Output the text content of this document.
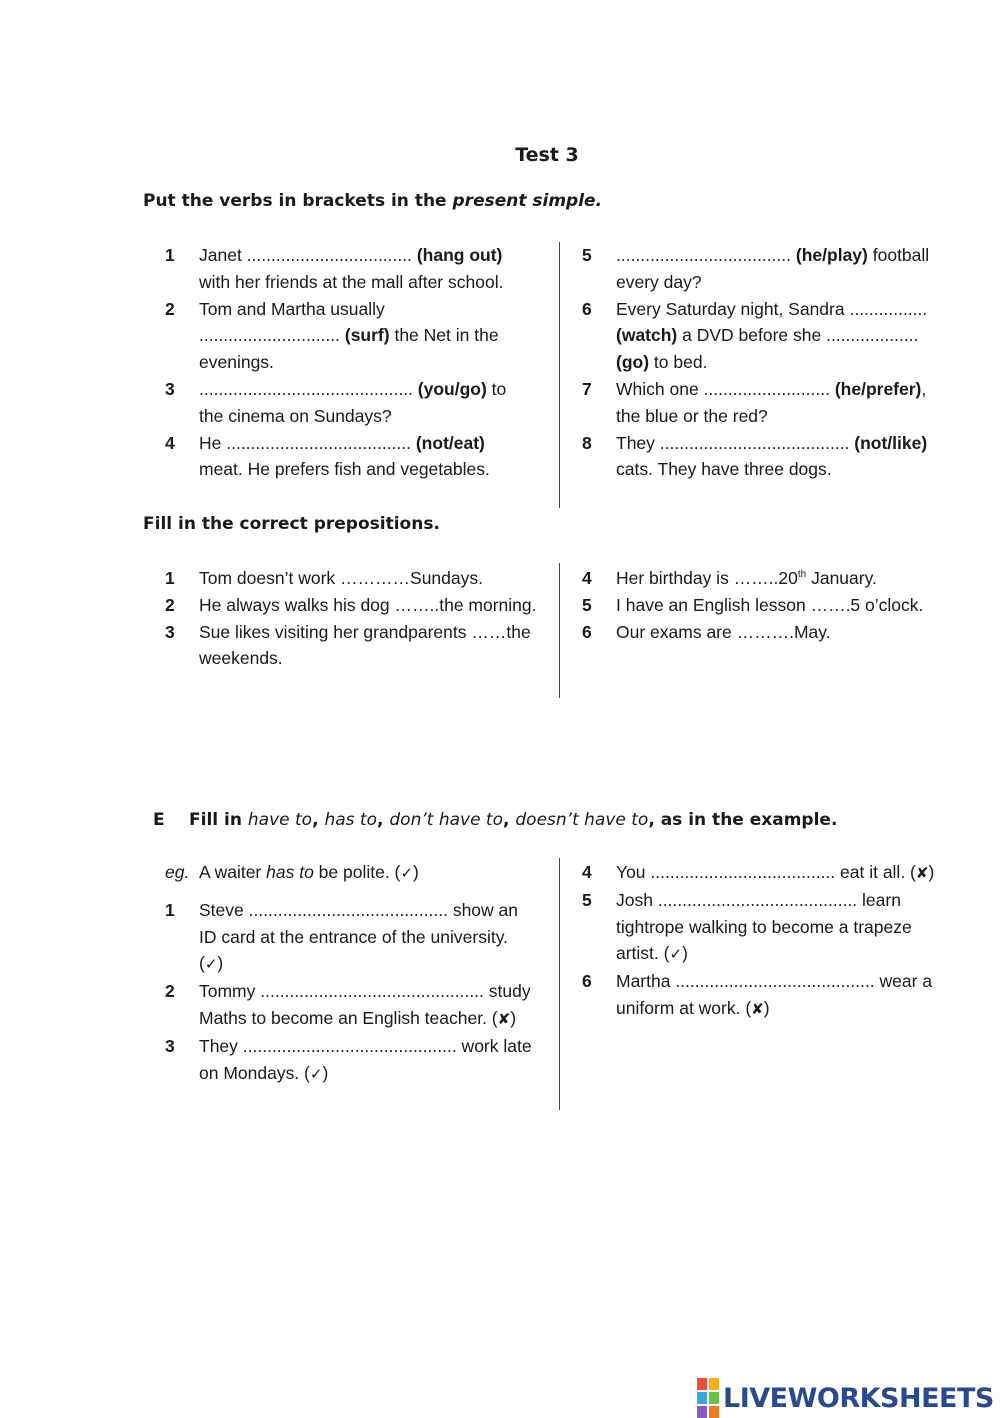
Test 3
Put the verbs in brackets in the present simple.
1	Janet .................................. (hang out) with her friends at the mall after school.
2	Tom and Martha usually ............................. (surf) the Net in the evenings.
3	............................................ (you/go) to the cinema on Sundays?
4	He ...................................... (not/eat) meat. He prefers fish and vegetables.
5	.................................... (he/play) football every day?
6	Every Saturday night, Sandra ................ (watch) a DVD before she ................... (go) to bed.
7	Which one .......................... (he/prefer), the blue or the red?
8	They ....................................... (not/like) cats. They have three dogs.
Fill in the correct prepositions.
1	Tom doesn’t work …………Sundays.
2	He always walks his dog ……..the morning.
3	Sue likes visiting her grandparents ……the weekends.
4	Her birthday is ……..20th January.
5	I have an English lesson …….5 o’clock.
6	Our exams are ……….May.
E Fill in have to, has to, don’t have to, doesn’t have to, as in the example.
eg. A waiter has to be polite. (✓)
1	Steve ......................................... show an ID card at the entrance of the university. (✓)
2	Tommy .............................................. study Maths to become an English teacher. (✘)
3	They ............................................ work late on Mondays. (✓)
4	You ...................................... eat it all. (✘)
5	Josh ......................................... learn tightrope walking to become a trapeze artist. (✓)
6	Martha ......................................... wear a uniform at work. (✘)
LIVEWORKSHEETS
